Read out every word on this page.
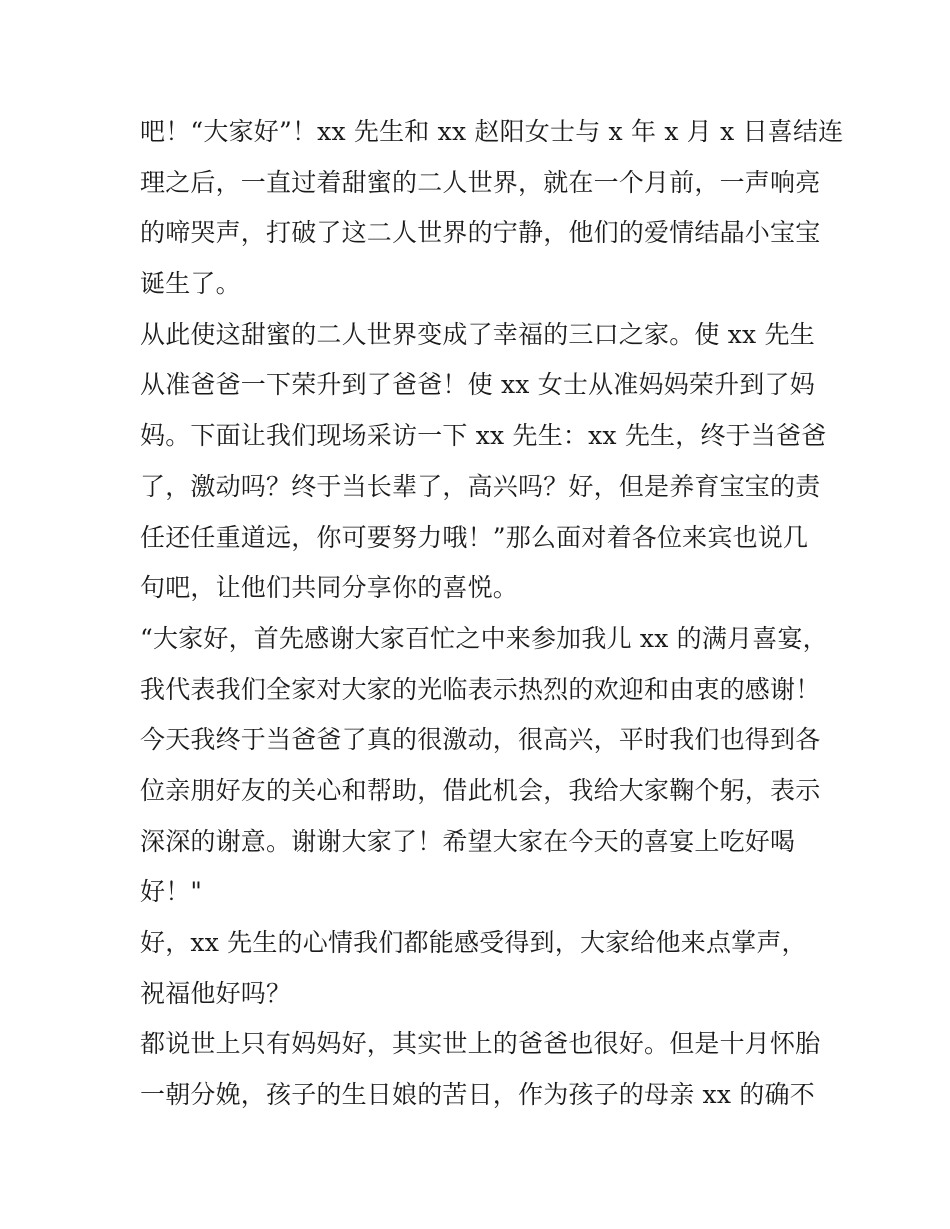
吧！“大家好”！xx 先生和 xx 赵阳女士与 x 年 x 月 x 日喜结连
理之后，一直过着甜蜜的二人世界，就在一个月前，一声响亮
的啼哭声，打破了这二人世界的宁静，他们的爱情结晶小宝宝
诞生了。
从此使这甜蜜的二人世界变成了幸福的三口之家。使 xx 先生
从准爸爸一下荣升到了爸爸！使 xx 女士从准妈妈荣升到了妈
妈。下面让我们现场采访一下 xx 先生：xx 先生，终于当爸爸
了，激动吗？终于当长辈了，高兴吗？好，但是养育宝宝的责
任还任重道远，你可要努力哦！”那么面对着各位来宾也说几
句吧，让他们共同分享你的喜悦。
“大家好，首先感谢大家百忙之中来参加我儿 xx 的满月喜宴，
我代表我们全家对大家的光临表示热烈的欢迎和由衷的感谢！
今天我终于当爸爸了真的很激动，很高兴，平时我们也得到各
位亲朋好友的关心和帮助，借此机会，我给大家鞠个躬，表示
深深的谢意。谢谢大家了！希望大家在今天的喜宴上吃好喝
好！"
好，xx 先生的心情我们都能感受得到，大家给他来点掌声，
祝福他好吗？
都说世上只有妈妈好，其实世上的爸爸也很好。但是十月怀胎
一朝分娩，孩子的生日娘的苦日，作为孩子的母亲 xx 的确不
